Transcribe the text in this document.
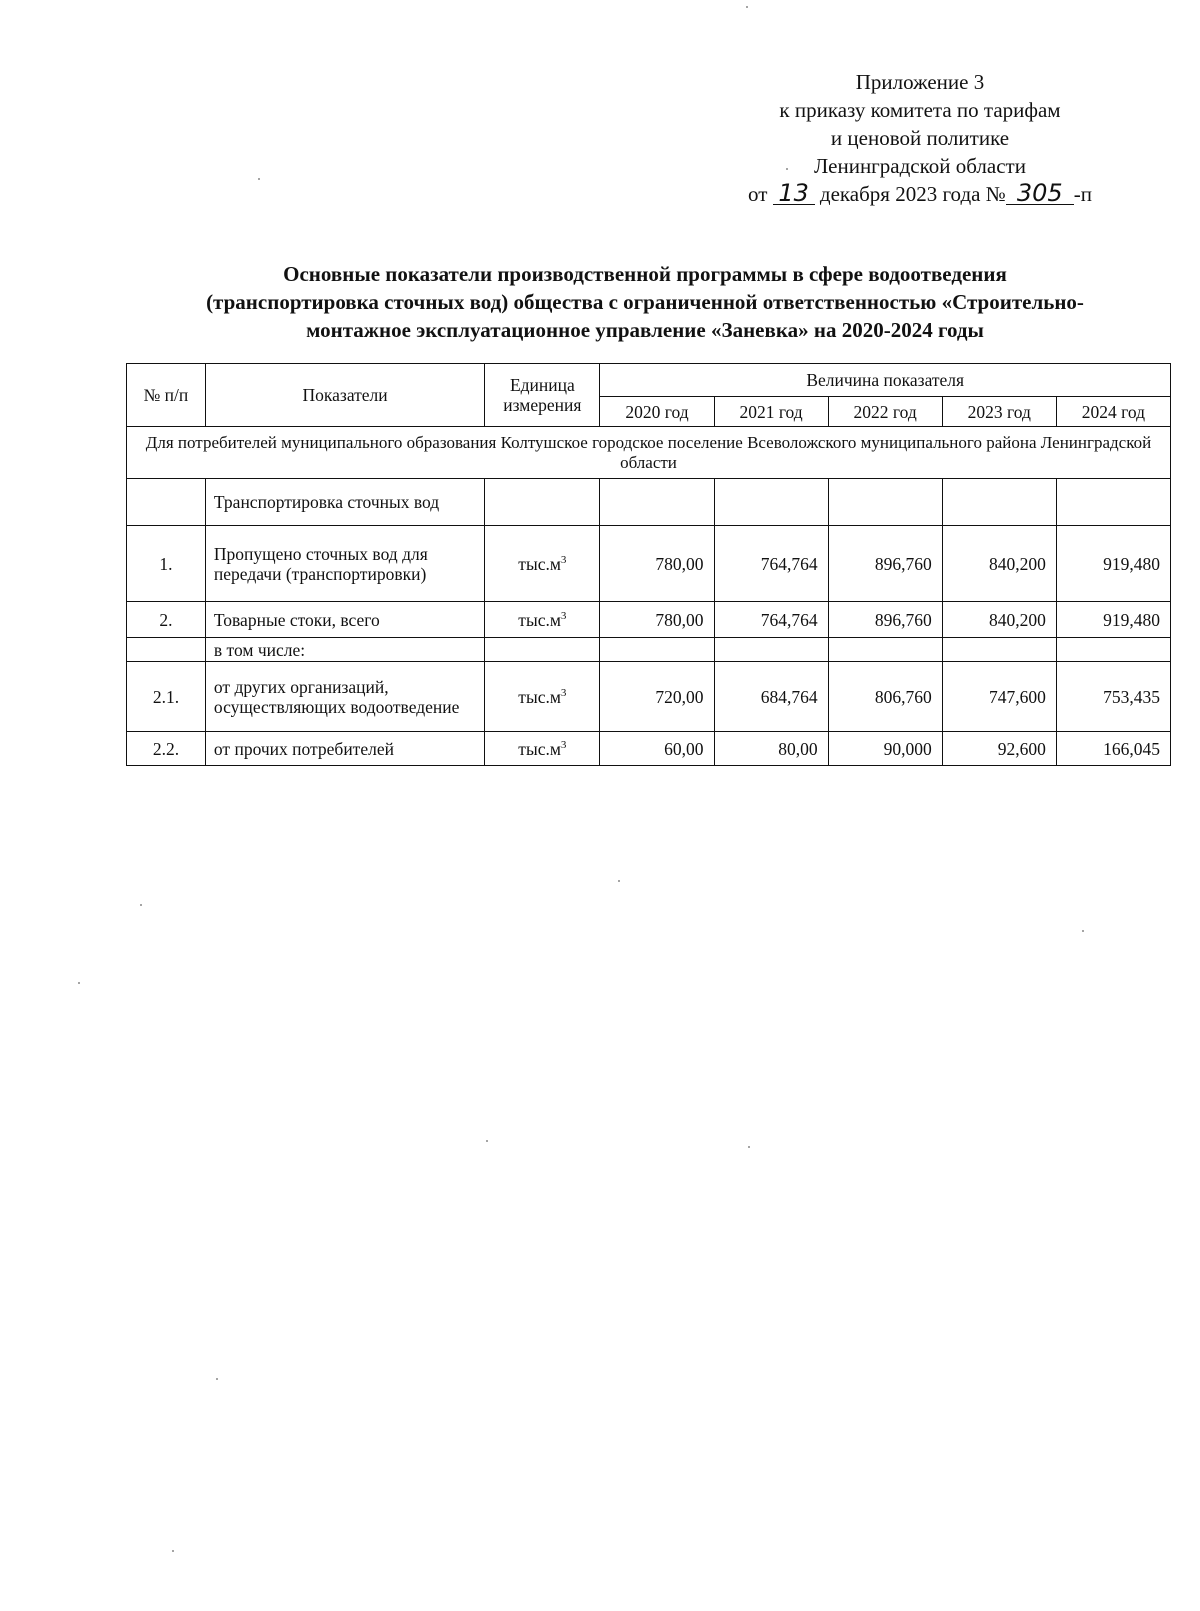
Приложение 3
к приказу комитета по тарифам
и ценовой политике
Ленинградской области
от 13 декабря 2023 года № 305 -п
Основные показатели производственной программы в сфере водоотведения
(транспортировка сточных вод) общества с ограниченной ответственностью «Строительно-
монтажное эксплуатационное управление «Заневка» на 2020-2024 годы
№ п/п	Показатели	Единица измерения	Величина показателя				
			2020 год	2021 год	2022 год	2023 год	2024 год
Для потребителей муниципального образования Колтушское городское поселение Всеволожского муниципального района Ленинградской области							
	Транспортировка сточных вод						
1.	Пропущено сточных вод для передачи (транспортировки)	$тыс.м^3$	780,00	764,764	896,760	840,200	919,480
2.	Товарные стоки, всего	$тыс.м^3$	780,00	764,764	896,760	840,200	919,480
	в том числе:						
2.1.	от других организаций, осуществляющих водоотведение	$тыс.м^3$	720,00	684,764	806,760	747,600	753,435
2.2.	от прочих потребителей	$тыс.м^3$	60,00	80,00	90,000	92,600	166,045
